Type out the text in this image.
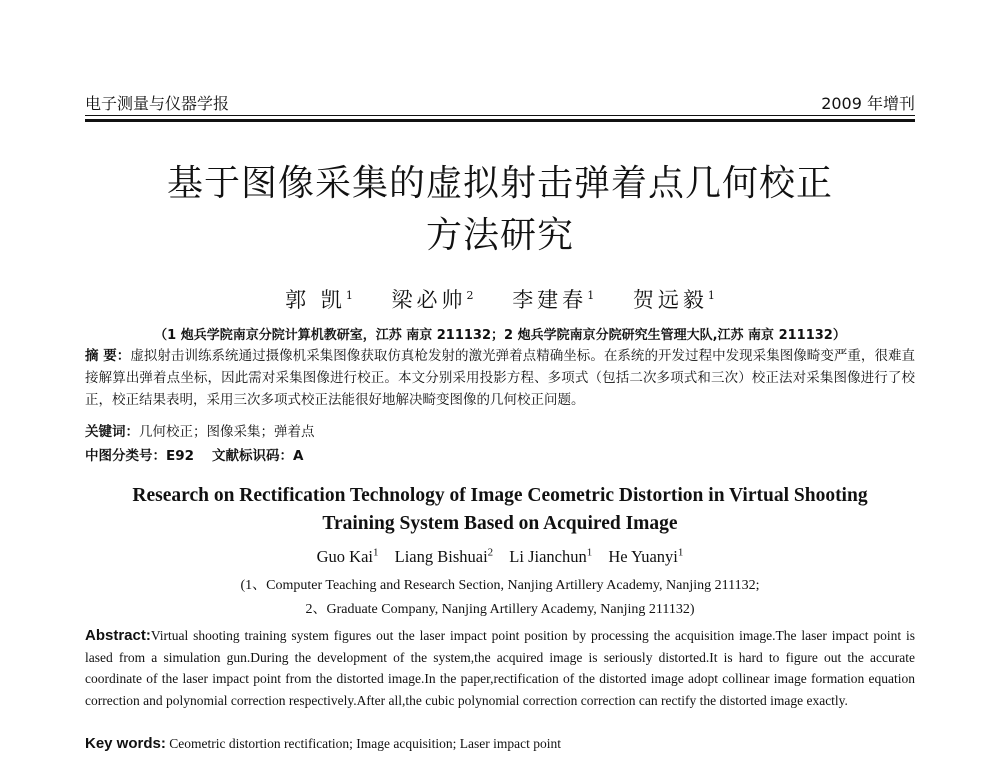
电子测量与仪器学报	2009 年增刊
基于图像采集的虚拟射击弹着点几何校正
方法研究
郭 凯$^1$ 梁必帅$^2$ 李建春$^1$ 贺远毅$^1$
（1 炮兵学院南京分院计算机教研室，江苏 南京 211132；2 炮兵学院南京分院研究生管理大队,江苏 南京 211132）
摘 要：虚拟射击训练系统通过摄像机采集图像获取仿真枪发射的激光弹着点精确坐标。在系统的开发过程中发现采集图像畸变严重，很难直接解算出弹着点坐标，因此需对采集图像进行校正。本文分别采用投影方程、多项式（包括二次多项式和三次）校正法对采集图像进行了校正，校正结果表明，采用三次多项式校正法能很好地解决畸变图像的几何校正问题。
关键词：几何校正；图像采集；弹着点
中图分类号：E92 文献标识码：A
Research on Rectification Technology of Image Ceometric Distortion in Virtual Shooting
Training System Based on Acquired Image
Guo Kai$^1$ Liang Bishuai$^2$ Li Jianchun$^1$ He Yuanyi$^1$
(1、Computer Teaching and Research Section, Nanjing Artillery Academy, Nanjing 211132;
2、Graduate Company, Nanjing Artillery Academy, Nanjing 211132)
Abstract:Virtual shooting training system figures out the laser impact point position by processing the acquisition image.The laser impact point is lased from a simulation gun.During the development of the system,the acquired image is seriously distorted.It is hard to figure out the accurate coordinate of the laser impact point from the distorted image.In the paper,rectification of the distorted image adopt collinear image formation equation correction and polynomial correction respectively.After all,the cubic polynomial correction correction can rectify the distorted image exactly.
Key words: Ceometric distortion rectification; Image acquisition; Laser impact point
